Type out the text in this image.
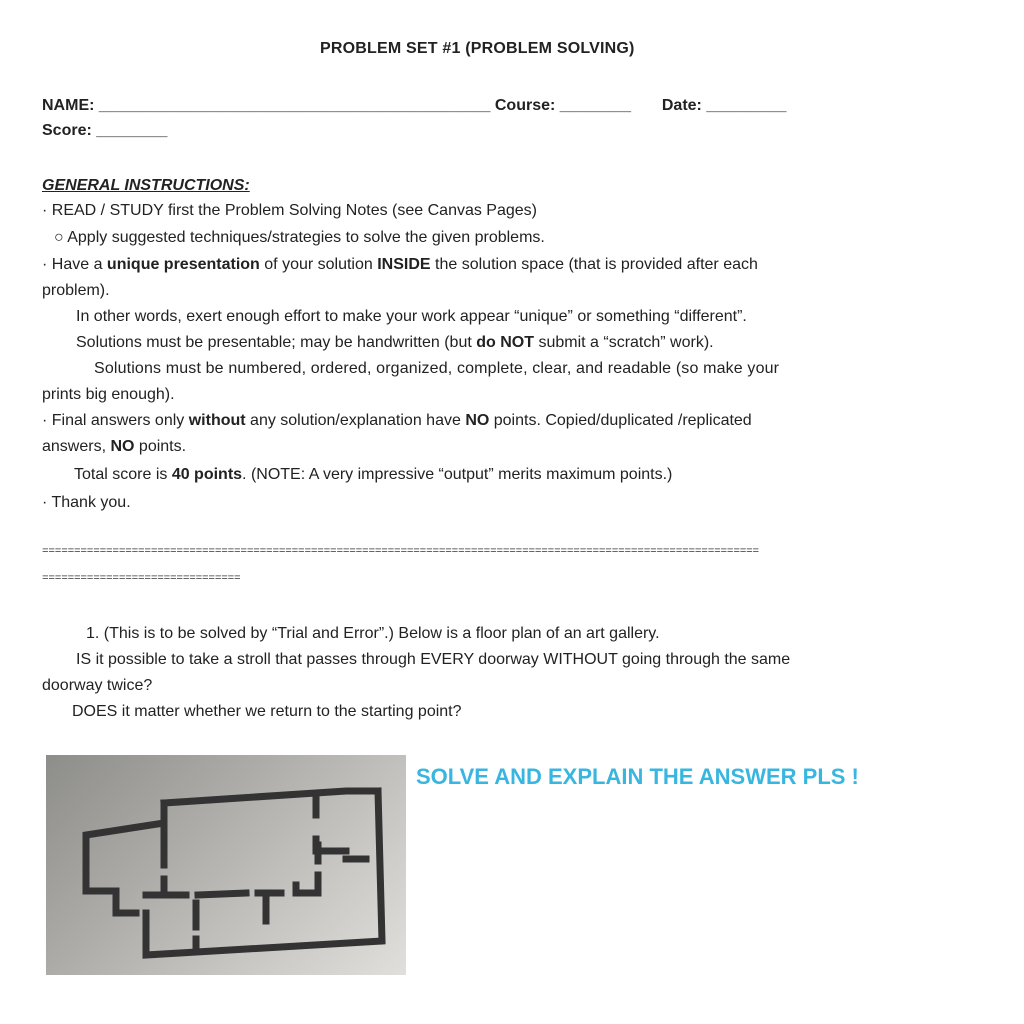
PROBLEM SET #1 (PROBLEM SOLVING)
NAME: ____________________________________________ Course: ________ Date: _________
Score: ________
GENERAL INSTRUCTIONS:
· READ / STUDY first the Problem Solving Notes (see Canvas Pages)
○ Apply suggested techniques/strategies to solve the given problems.
· Have a unique presentation of your solution INSIDE the solution space (that is provided after each
problem).
In other words, exert enough effort to make your work appear “unique” or something “different”.
Solutions must be presentable; may be handwritten (but do NOT submit a “scratch” work).
Solutions must be numbered, ordered, organized, complete, clear, and readable (so make your
prints big enough).
· Final answers only without any solution/explanation have NO points. Copied/duplicated /replicated
answers, NO points.
Total score is 40 points. (NOTE: A very impressive “output” merits maximum points.)
· Thank you.
================================================================================================================
===============================
1. (This is to be solved by “Trial and Error”.) Below is a floor plan of an art gallery.
IS it possible to take a stroll that passes through EVERY doorway WITHOUT going through the same
doorway twice?
DOES it matter whether we return to the starting point?
SOLVE AND EXPLAIN THE ANSWER PLS !
